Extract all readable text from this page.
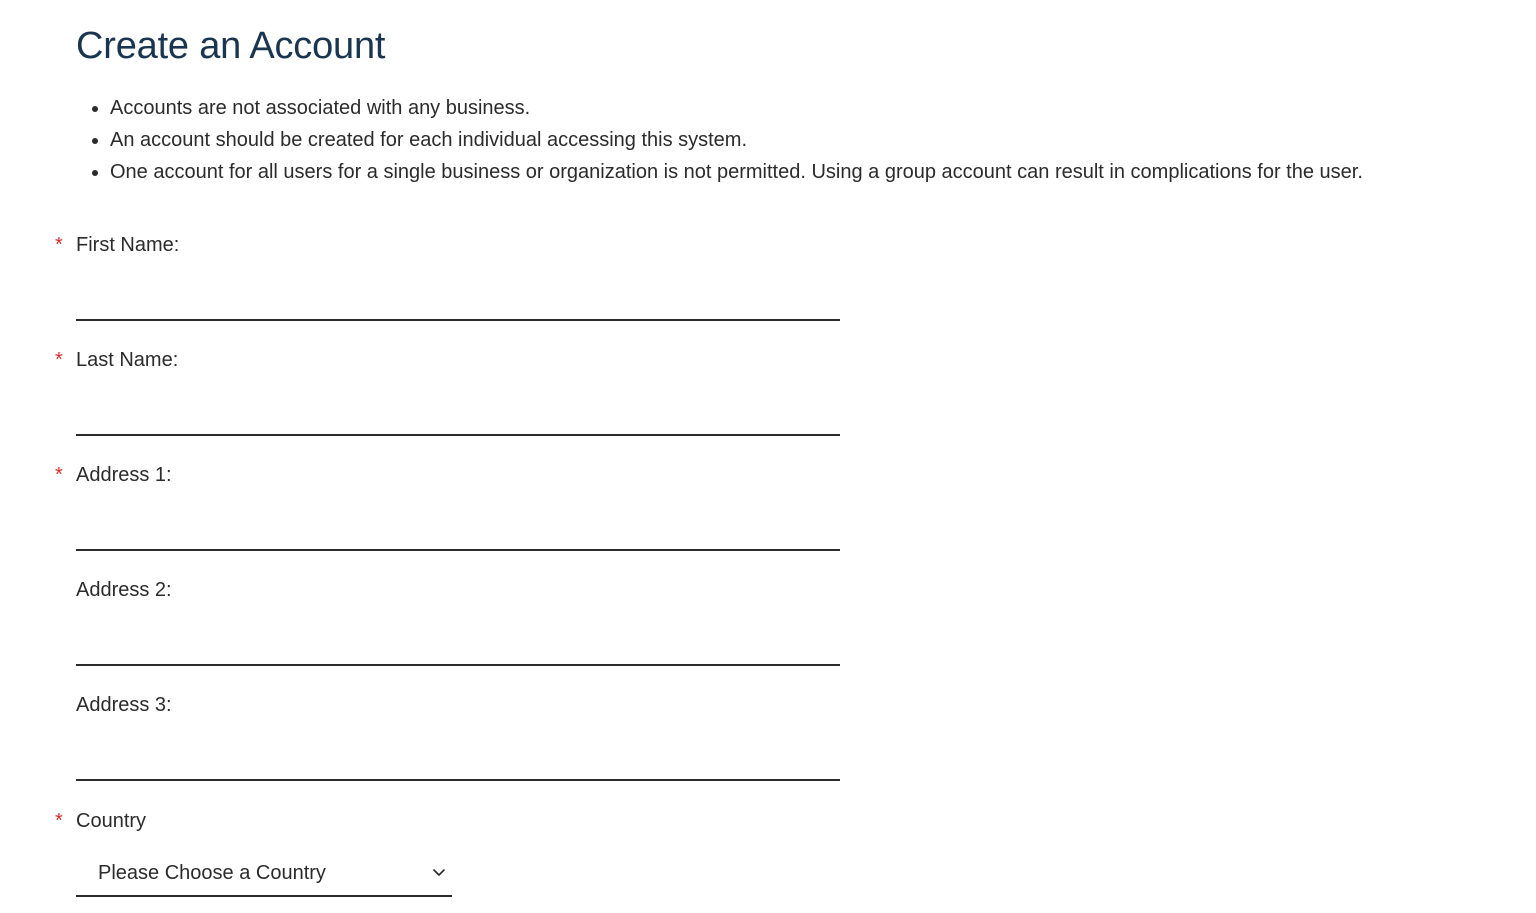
Create an Account
Accounts are not associated with any business.
An account should be created for each individual accessing this system.
One account for all users for a single business or organization is not permitted. Using a group account can result in complications for the user.
* First Name:
* Last Name:
* Address 1:
Address 2:
Address 3:
* Country
Please Choose a Country
